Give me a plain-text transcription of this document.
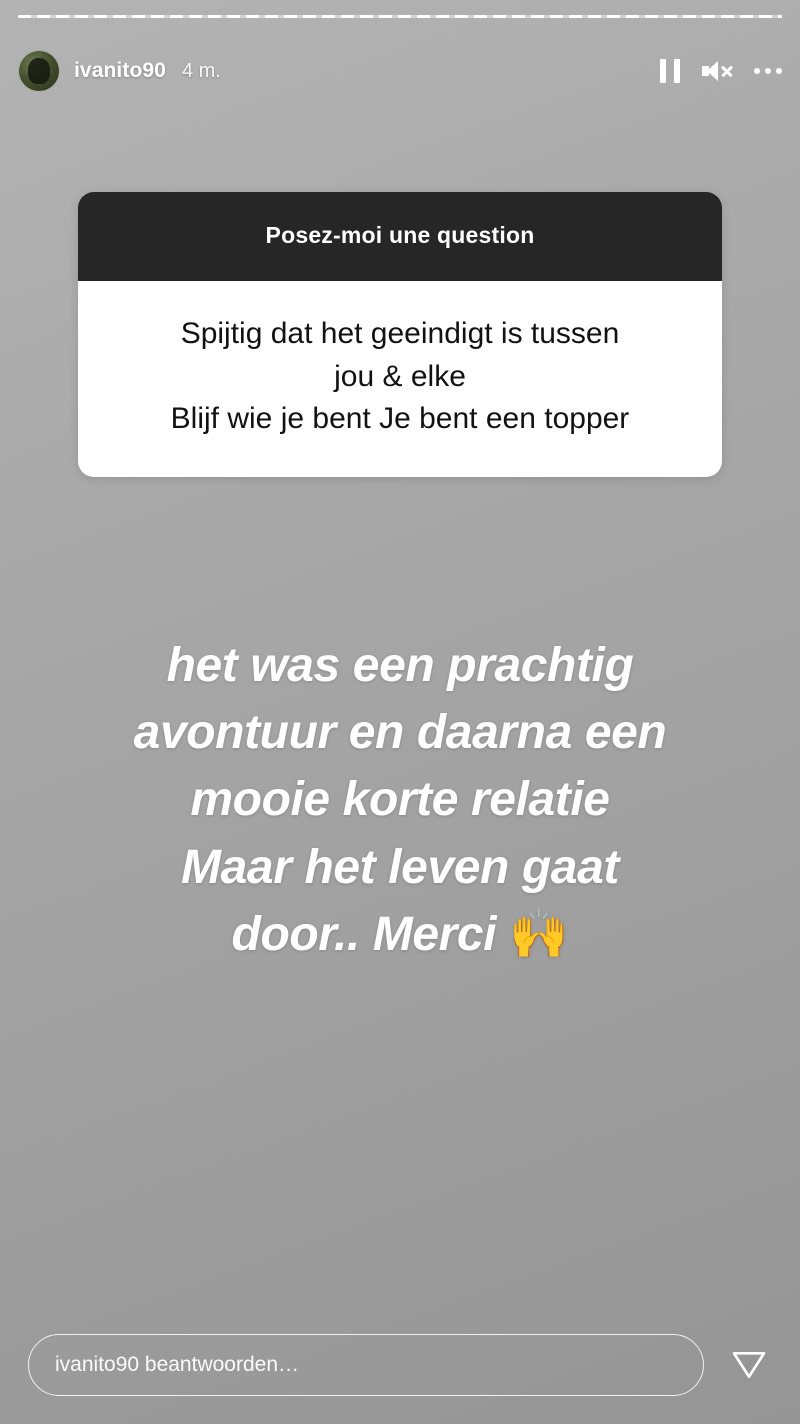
ivanito90 4 m.
Posez-moi une question
Spijtig dat het geeindigt is tussen
jou & elke
Blijf wie je bent Je bent een topper
het was een prachtig
avontuur en daarna een
mooie korte relatie
Maar het leven gaat
door.. Merci 🙌
ivanito90 beantwoorden…
